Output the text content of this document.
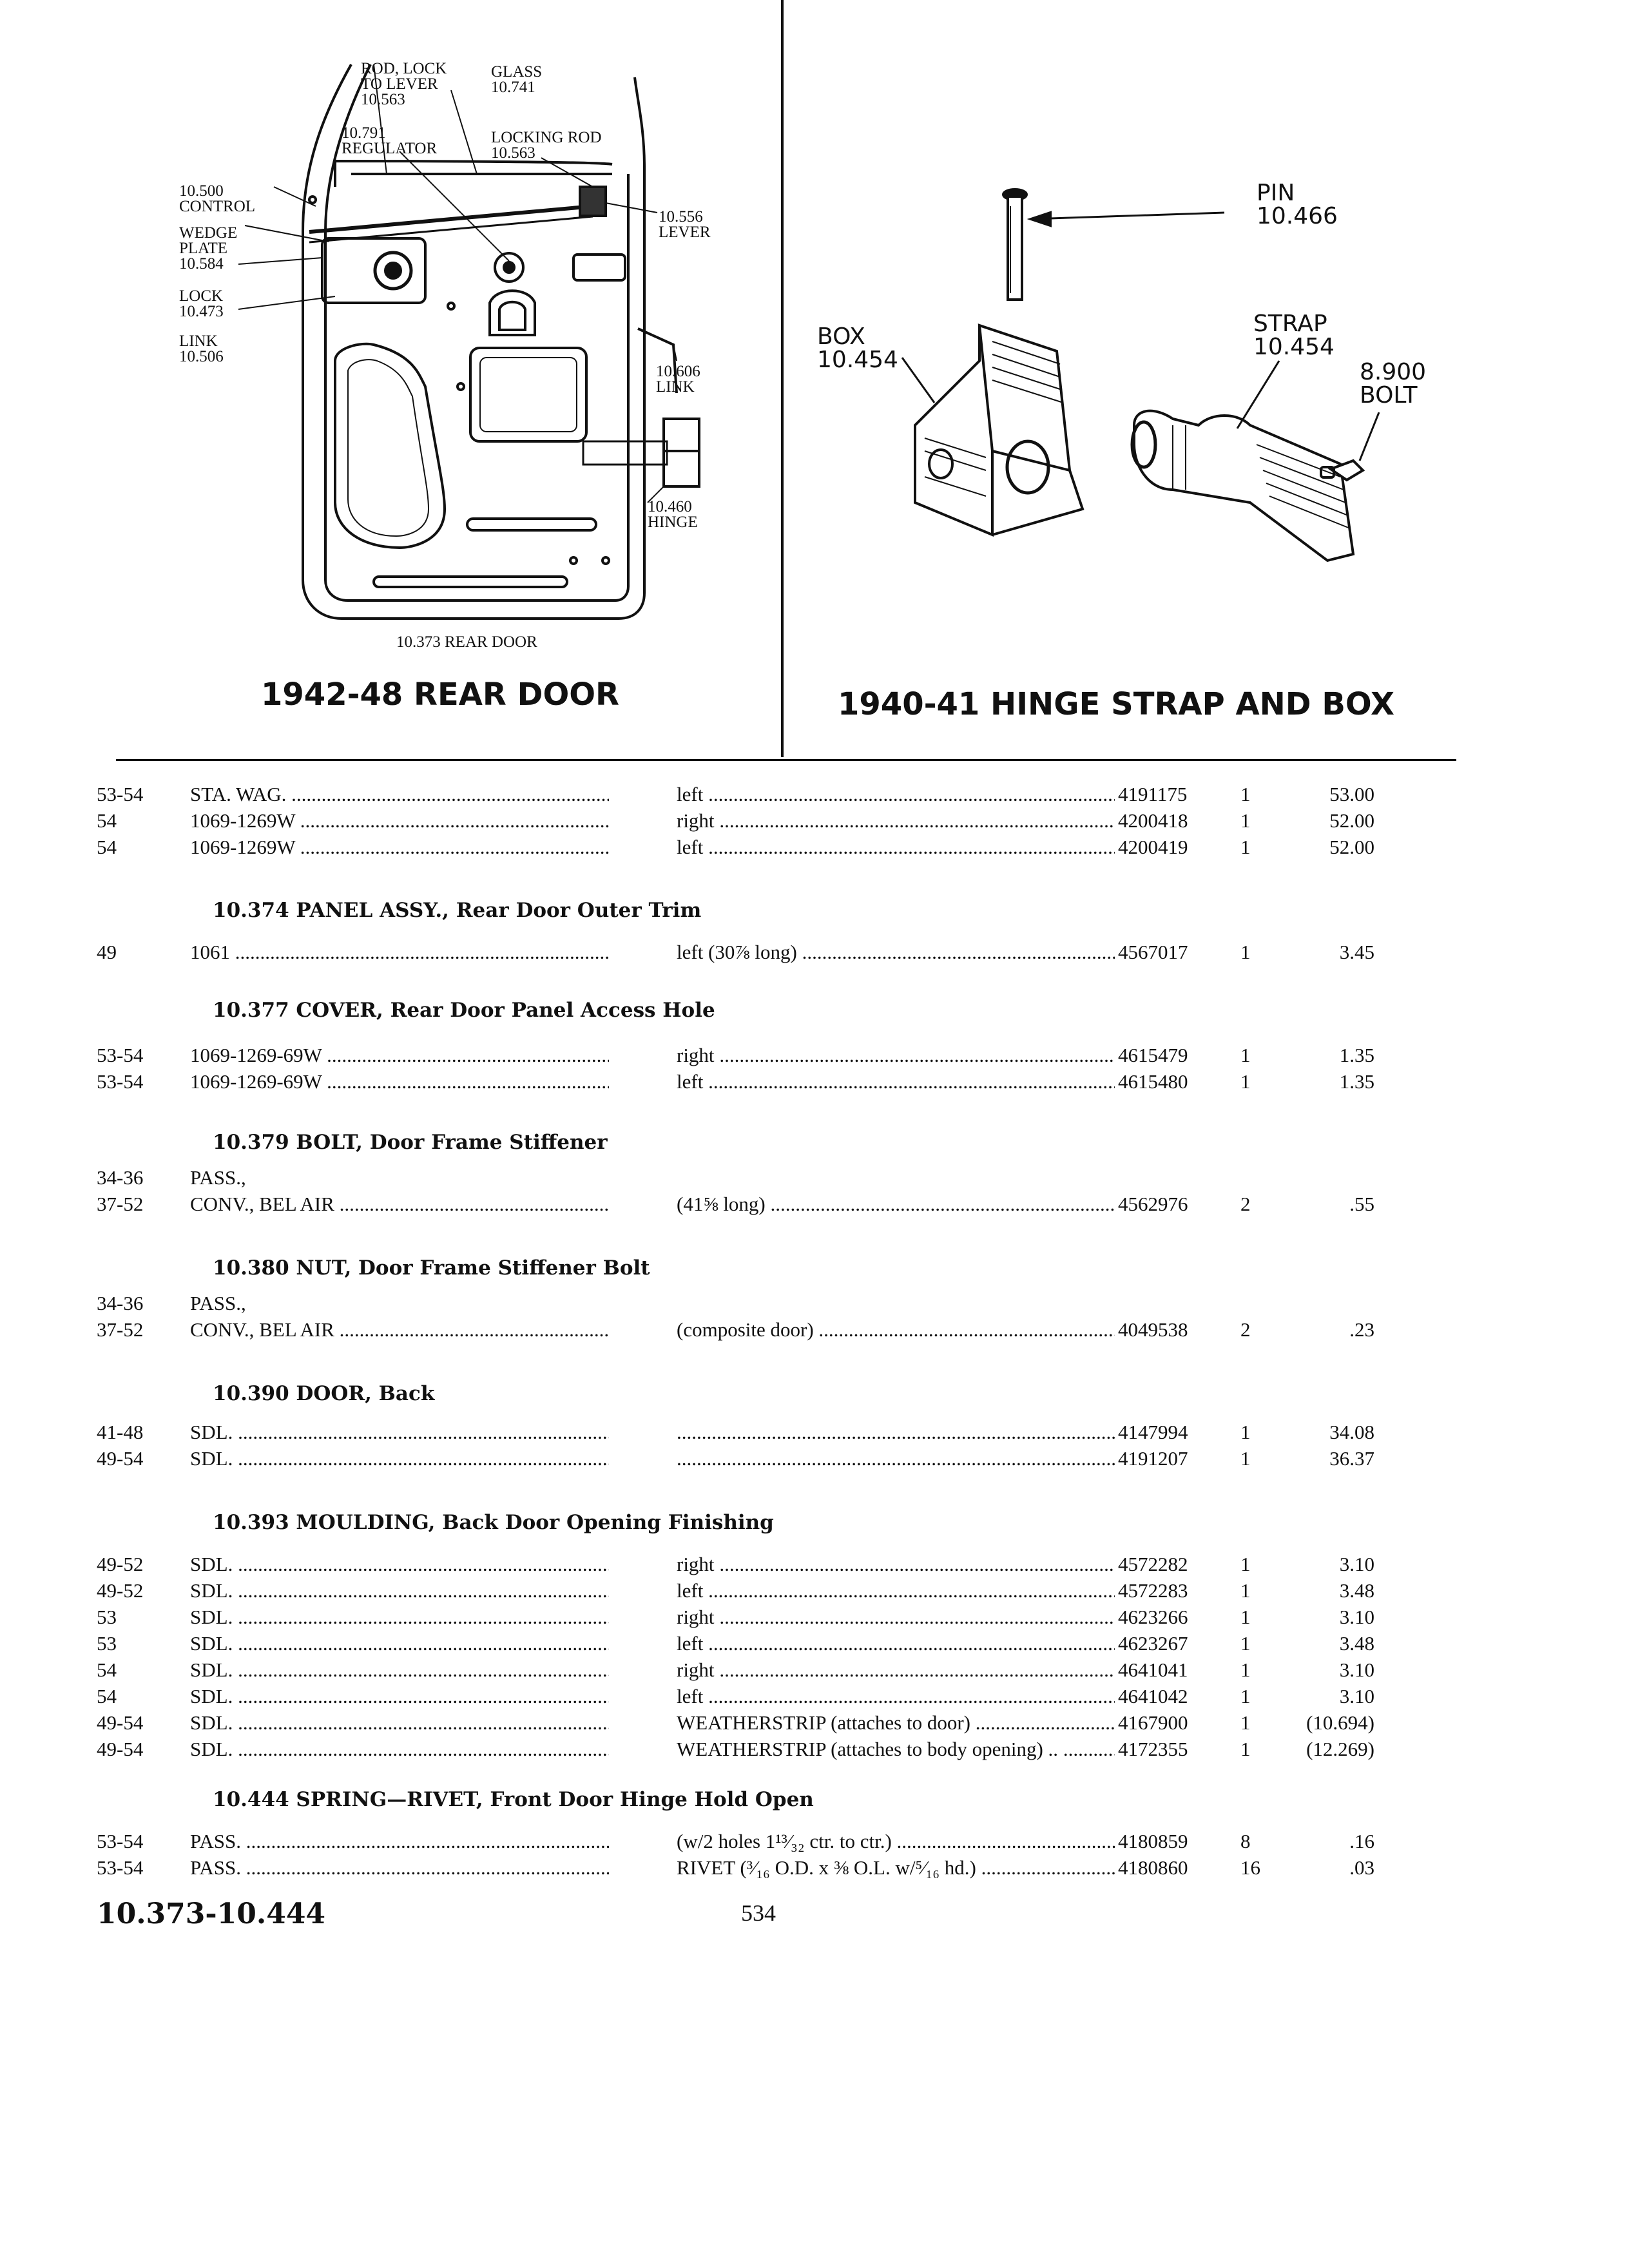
ROD, LOCK
TO LEVER
10.563
GLASS
10.741
10.791
REGULATOR
LOCKING ROD
10.563
10.500
CONTROL
WEDGE
PLATE
10.584
LOCK
10.473
LINK
10.506
10.556
LEVER
10.606
LINK
10.460
HINGE
10.373 REAR DOOR
1942-48 REAR DOOR
PIN
10.466
BOX
10.454
STRAP
10.454
8.900
BOLT
1940-41 HINGE STRAP AND BOX
53-54 STA. WAG. .....	left .....	4191175	1	53.00
54	1069-1269W .....	right .....	4200418	1	52.00
54	1069-1269W .....	left .....	4200419	1	52.00
10.374 PANEL ASSY., Rear Door Outer Trim
49	1061 .....	left (30⅞ long) .....	4567017	1	3.45
10.377 COVER, Rear Door Panel Access Hole
53-54 1069-1269-69W .....	right .....	4615479	1	1.35
53-54 1069-1269-69W .....	left .....	4615480	1	1.35
10.379 BOLT, Door Frame Stiffener
34-36 PASS.,
37-52 CONV., BEL AIR .....	(41⅝ long) .....	4562976	2	.55
10.380 NUT, Door Frame Stiffener Bolt
34-36 PASS.,
37-52 CONV., BEL AIR .....	(composite door) .....	4049538	2	.23
10.390 DOOR, Back
41-48 SDL. ..... .....	4147994	1	34.08
49-54 SDL. ..... .....	4191207	1	36.37
10.393 MOULDING, Back Door Opening Finishing
49-52 SDL. .....	right .....	4572282	1	3.10
49-52 SDL. .....	left .....	4572283	1	3.48
53	SDL. .....	right .....	4623266	1	3.10
53	SDL. .....	left .....	4623267	1	3.48
54	SDL. .....	right .....	4641041	1	3.10
54	SDL. .....	left .....	4641042	1	3.10
49-54 SDL. .....	WEATHERSTRIP (attaches to door) .....	4167900	1	(10.694)
49-54 SDL. .....	WEATHERSTRIP (attaches to body opening) .. .....	4172355	1	(12.269)
10.444 SPRING—RIVET, Front Door Hinge Hold Open
53-54 PASS. .....	(w/2 holes 1¹³⁄₃₂ ctr. to ctr.) .....	4180859	8	.16
53-54 PASS. .....	RIVET (³⁄₁₆ O.D. x ⅜ O.L. w/⁵⁄₁₆ hd.) .....	4180860	16	.03
10.373-10.444	534
